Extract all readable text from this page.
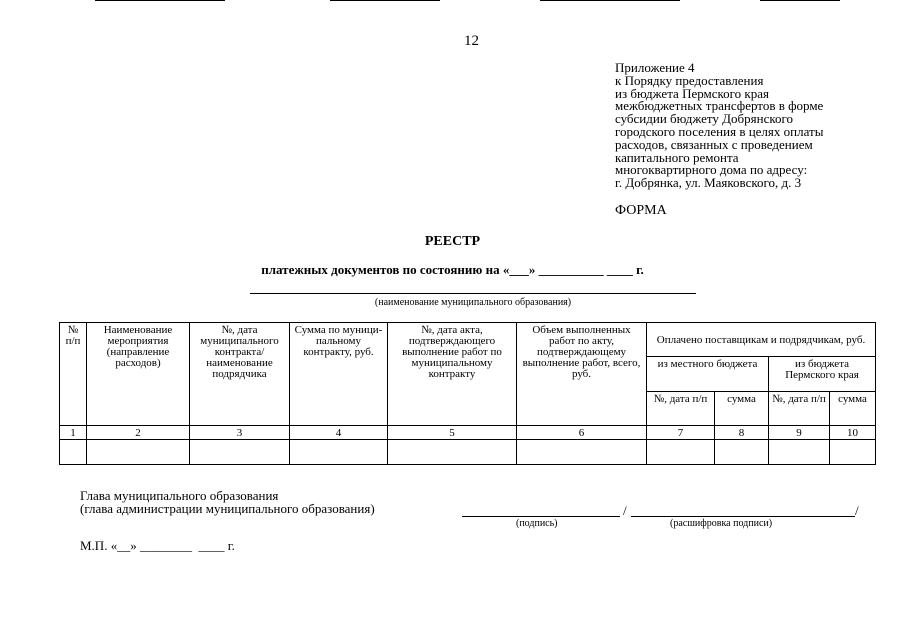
12
Приложение 4
к Порядку предоставления
из бюджета Пермского края
межбюджетных трансфертов в форме
субсидии бюджету Добрянского
городского поселения в целях оплаты
расходов, связанных с проведением
капитального ремонта
многоквартирного дома по адресу:
г. Добрянка, ул. Маяковского, д. 3
ФОРМА
РЕЕСТР
платежных документов по состоянию на «___» __________ ____ г.
(наименование муниципального образования)
№ п/п	Наименование мероприятия (направление расходов)	№, дата муниципального контракта/ наименование подрядчика	Сумма по муници-пальному контракту, руб.	№, дата акта, подтверждающего выполнение работ по муниципальному контракту	Объем выполненных работ по акту, подтверждающему выполнение работ, всего, руб.	Оплачено поставщикам и подрядчикам, руб.			
						из местного бюджета		из бюджета Пермского края	
						№, дата п/п	сумма	№, дата п/п	сумма
1	2	3	4	5	6	7	8	9	10

Глава муниципального образования
(глава администрации муниципального образования)	/	/
(подпись)	(расшифровка подписи)
М.П. «__» ________  ____ г.
